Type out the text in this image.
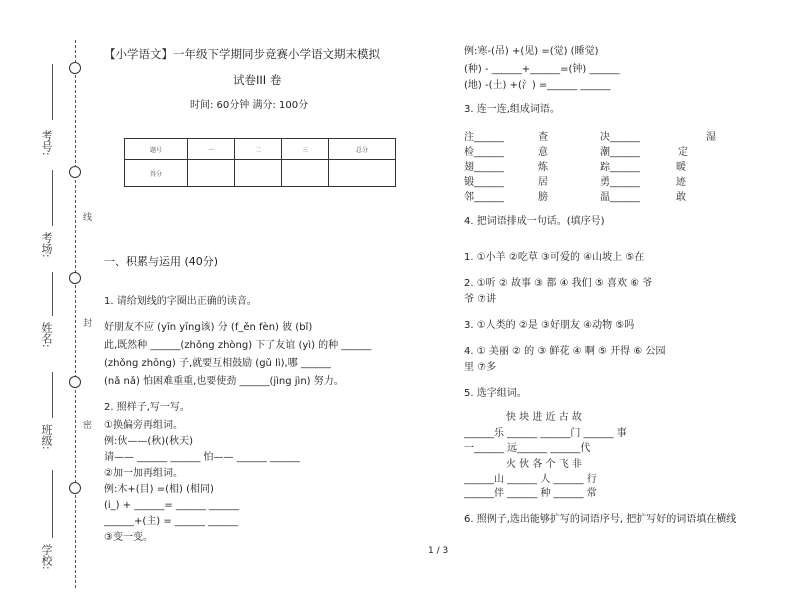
线
封
密
考号:
考场:
姓名:
班级:
学校:
【小学语文】一年级下学期同步竞赛小学语文期末模拟
试卷III 卷
时间: 60分钟 满分: 100分
题号	一	二	三	总分
得分				
一、积累与运用 (40分)
1. 请给划线的字圈出正确的读音。
好朋友不应 (yīn yīng该) 分 (f_ěn fèn) 彼 (bǐ)
此,既然种 ______(zhǒng zhòng) 下了友谊 (yì) 的种 ______
(zhǒng zhōng) 子,就要互相鼓励 (gǔ lì),哪 ______
(nǎ nǎ) 怕困难重重,也要使劲 ______(jìng jìn) 努力。
2. 照样子,写一写。
①换偏旁再组词。
例:伙——(秋)(秋天)
请—— ______ ______ 怕—— ______ ______
②加一加再组词。
例:木+(目) =(相) (相同)
(i_) + ______= ______ ______
______+(主) = ______ ______
③变一变。
例:寒-(吊) +(见) =(觉) (睡觉)
(种) - ______+______=(钟) ______
(地) -(土) +(氵) =______ ______
3. 连一连,组成词语。
注______	查	决______	湿
检______	意	潮______	定
翅______	炼	踪______	暖
锻______	居	勇______	迹
邻______	膀	温______	敢
4. 把词语排成一句话。(填序号)
1. ①小羊 ②吃草 ③可爱的 ④山坡上 ⑤在
2. ①听 ② 故事 ③ 都 ④ 我们 ⑤ 喜欢 ⑥ 爷
爷 ⑦讲
3. ①人类的 ②是 ③好朋友 ④动物 ⑤吗
4. ① 美丽 ② 的 ③ 鲜花 ④ 啊 ⑤ 开得 ⑥ 公园
里 ⑦多
5. 选字组词。
快 块 进 近 古 故
______乐 ______ ______门 ______ 事
一______ 远______ ______代
火 伙 各 个 飞 非
______山 ______ 人 ______ 行
______伴 ______ 种 ______ 常
6. 照例子,选出能够扩写的词语序号, 把扩写好的词语填在横线
1 / 3
